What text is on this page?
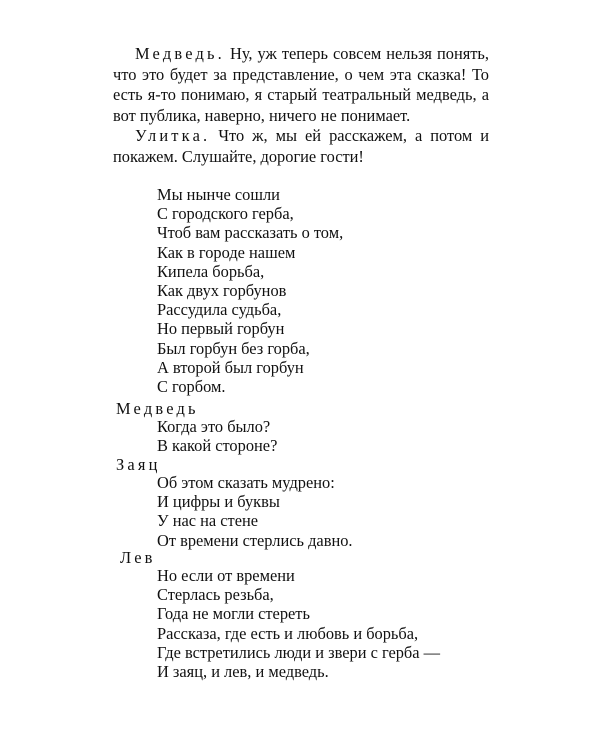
Медведь. Ну, уж теперь совсем нельзя понять, что это будет за представление, о чем эта сказка! То есть я-то понимаю, я старый театральный медведь, а вот публика, наверно, ничего не понимает.

Улитка. Что ж, мы ей расскажем, а потом и покажем. Слушайте, дорогие гости!

Мы нынче сошли
С городского герба,
Чтоб вам рассказать о том,
Как в городе нашем
Кипела борьба,
Как двух горбунов
Рассудила судьба,
Но первый горбун
Был горбун без горба,
А второй был горбун
С горбом.
Медведь
Когда это было?
В какой стороне?
Заяц
Об этом сказать мудрено:
И цифры и буквы
У нас на стене
От времени стерлись давно.
Лев
Но если от времени
Стерлась резьба,
Года не могли стереть
Рассказа, где есть и любовь и борьба,
Где встретились люди и звери с герба —
И заяц, и лев, и медведь.
